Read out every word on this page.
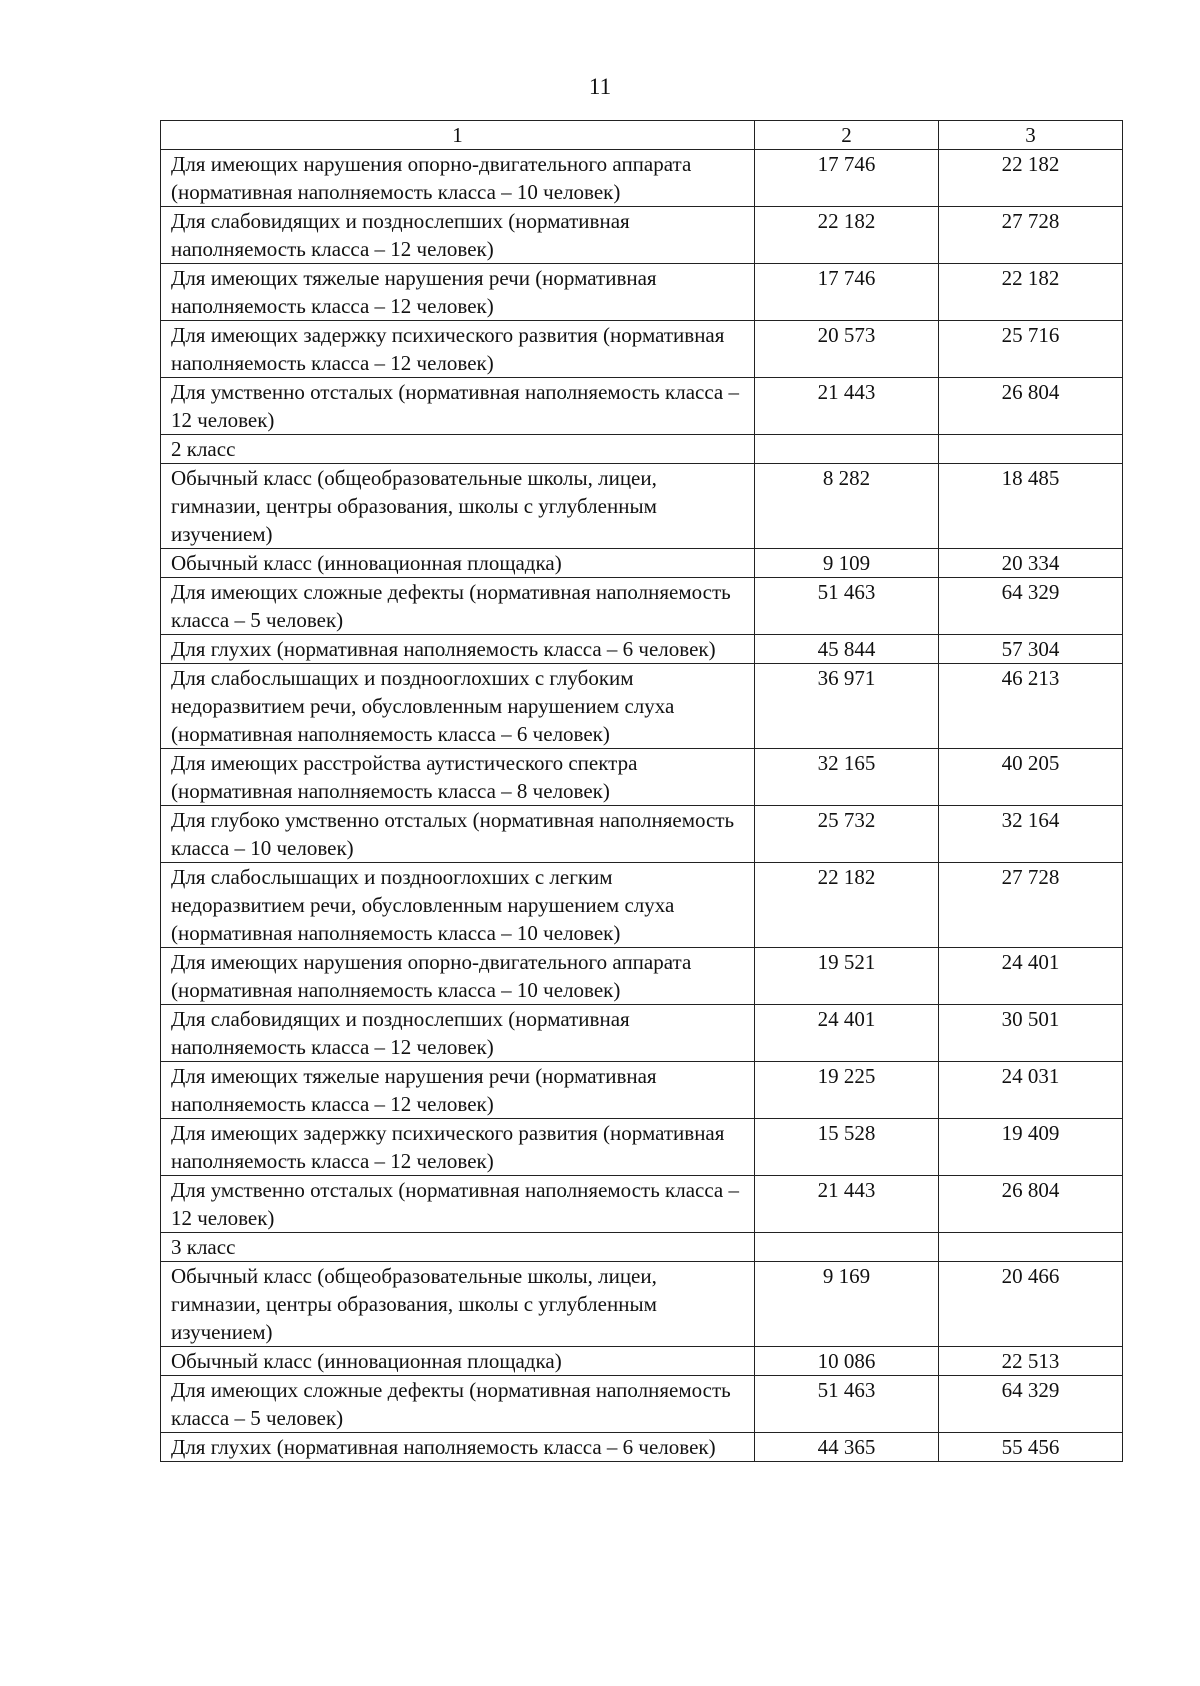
11
1	2	3
Для имеющих нарушения опорно-двигательного аппарата (нормативная наполняемость класса – 10 человек)	17 746	22 182
Для слабовидящих и позднослепших (нормативная наполняемость класса – 12 человек)	22 182	27 728
Для имеющих тяжелые нарушения речи (нормативная наполняемость класса – 12 человек)	17 746	22 182
Для имеющих задержку психического развития (нормативная наполняемость класса – 12 человек)	20 573	25 716
Для умственно отсталых (нормативная наполняемость класса – 12 человек)	21 443	26 804
2 класс		
Обычный класс (общеобразовательные школы, лицеи, гимназии, центры образования, школы с углубленным изучением)	8 282	18 485
Обычный класс (инновационная площадка)	9 109	20 334
Для имеющих сложные дефекты (нормативная наполняемость класса – 5 человек)	51 463	64 329
Для глухих (нормативная наполняемость класса – 6 человек)	45 844	57 304
Для слабослышащих и позднооглохших с глубоким недоразвитием речи, обусловленным нарушением слуха (нормативная наполняемость класса – 6 человек)	36 971	46 213
Для имеющих расстройства аутистического спектра (нормативная наполняемость класса – 8 человек)	32 165	40 205
Для глубоко умственно отсталых (нормативная наполняемость класса – 10 человек)	25 732	32 164
Для слабослышащих и позднооглохших с легким недоразвитием речи, обусловленным нарушением слуха (нормативная наполняемость класса – 10 человек)	22 182	27 728
Для имеющих нарушения опорно-двигательного аппарата (нормативная наполняемость класса – 10 человек)	19 521	24 401
Для слабовидящих и позднослепших (нормативная наполняемость класса – 12 человек)	24 401	30 501
Для имеющих тяжелые нарушения речи (нормативная наполняемость класса – 12 человек)	19 225	24 031
Для имеющих задержку психического развития (нормативная наполняемость класса – 12 человек)	15 528	19 409
Для умственно отсталых (нормативная наполняемость класса – 12 человек)	21 443	26 804
3 класс		
Обычный класс (общеобразовательные школы, лицеи, гимназии, центры образования, школы с углубленным изучением)	9 169	20 466
Обычный класс (инновационная площадка)	10 086	22 513
Для имеющих сложные дефекты (нормативная наполняемость класса – 5 человек)	51 463	64 329
Для глухих (нормативная наполняемость класса – 6 человек)	44 365	55 456
